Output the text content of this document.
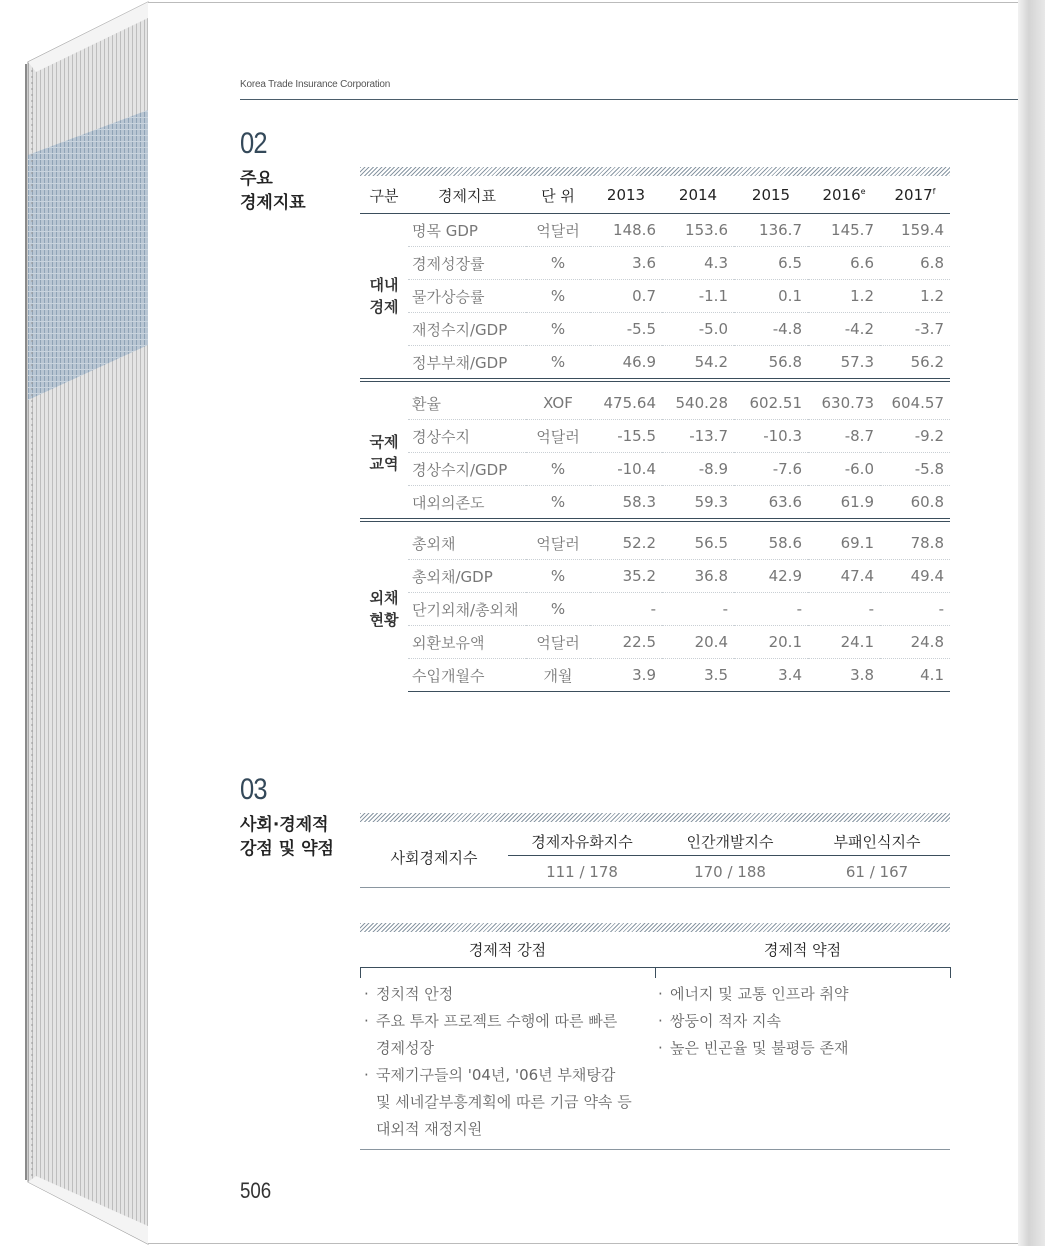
Korea Trade Insurance Corporation
02
주요
경제지표	구분	경제지표	단 위	2013	2014	2015	2016e	2017$^f$

대내
경제	명목 GDP	억달러	148.6	153.6	136.7	145.7	159.4
	경제성장률	%	3.6	4.3	6.5	6.6	6.8
	물가상승률	%	0.7	-1.1	0.1	1.2	1.2
	재정수지/GDP	%	-5.5	-5.0	-4.8	-4.2	-3.7
	정부부채/GDP	%	46.9	54.2	56.8	57.3	56.2

국제
교역	환율	XOF	475.64	540.28	602.51	630.73	604.57
	경상수지	억달러	-15.5	-13.7	-10.3	-8.7	-9.2
	경상수지/GDP	%	-10.4	-8.9	-7.6	-6.0	-5.8
	대외의존도	%	58.3	59.3	63.6	61.9	60.8

외채
현황	총외채	억달러	52.2	56.5	58.6	69.1	78.8
	총외채/GDP	%	35.2	36.8	42.9	47.4	49.4
	단기외채/총외채	%	-	-	-	-	-
	외환보유액	억달러	22.5	20.4	20.1	24.1	24.8
	수입개월수	개월	3.9	3.5	3.4	3.8	4.1
03
사회·경제적
강점 및 약점	사회경제지수	경제자유화지수	인간개발지수	부패인식지수
	111 / 178	170 / 188	61 / 167
경제적 강점	경제적 약점
· 정치적 안정
· 주요 투자 프로젝트 수행에 따른 빠른
경제성장
· 국제기구들의 '04년, '06년 부채탕감
및 세네갈부흥계획에 따른 기금 약속 등
대외적 재정지원
· 에너지 및 교통 인프라 취약
· 쌍둥이 적자 지속
· 높은 빈곤율 및 불평등 존재
506
